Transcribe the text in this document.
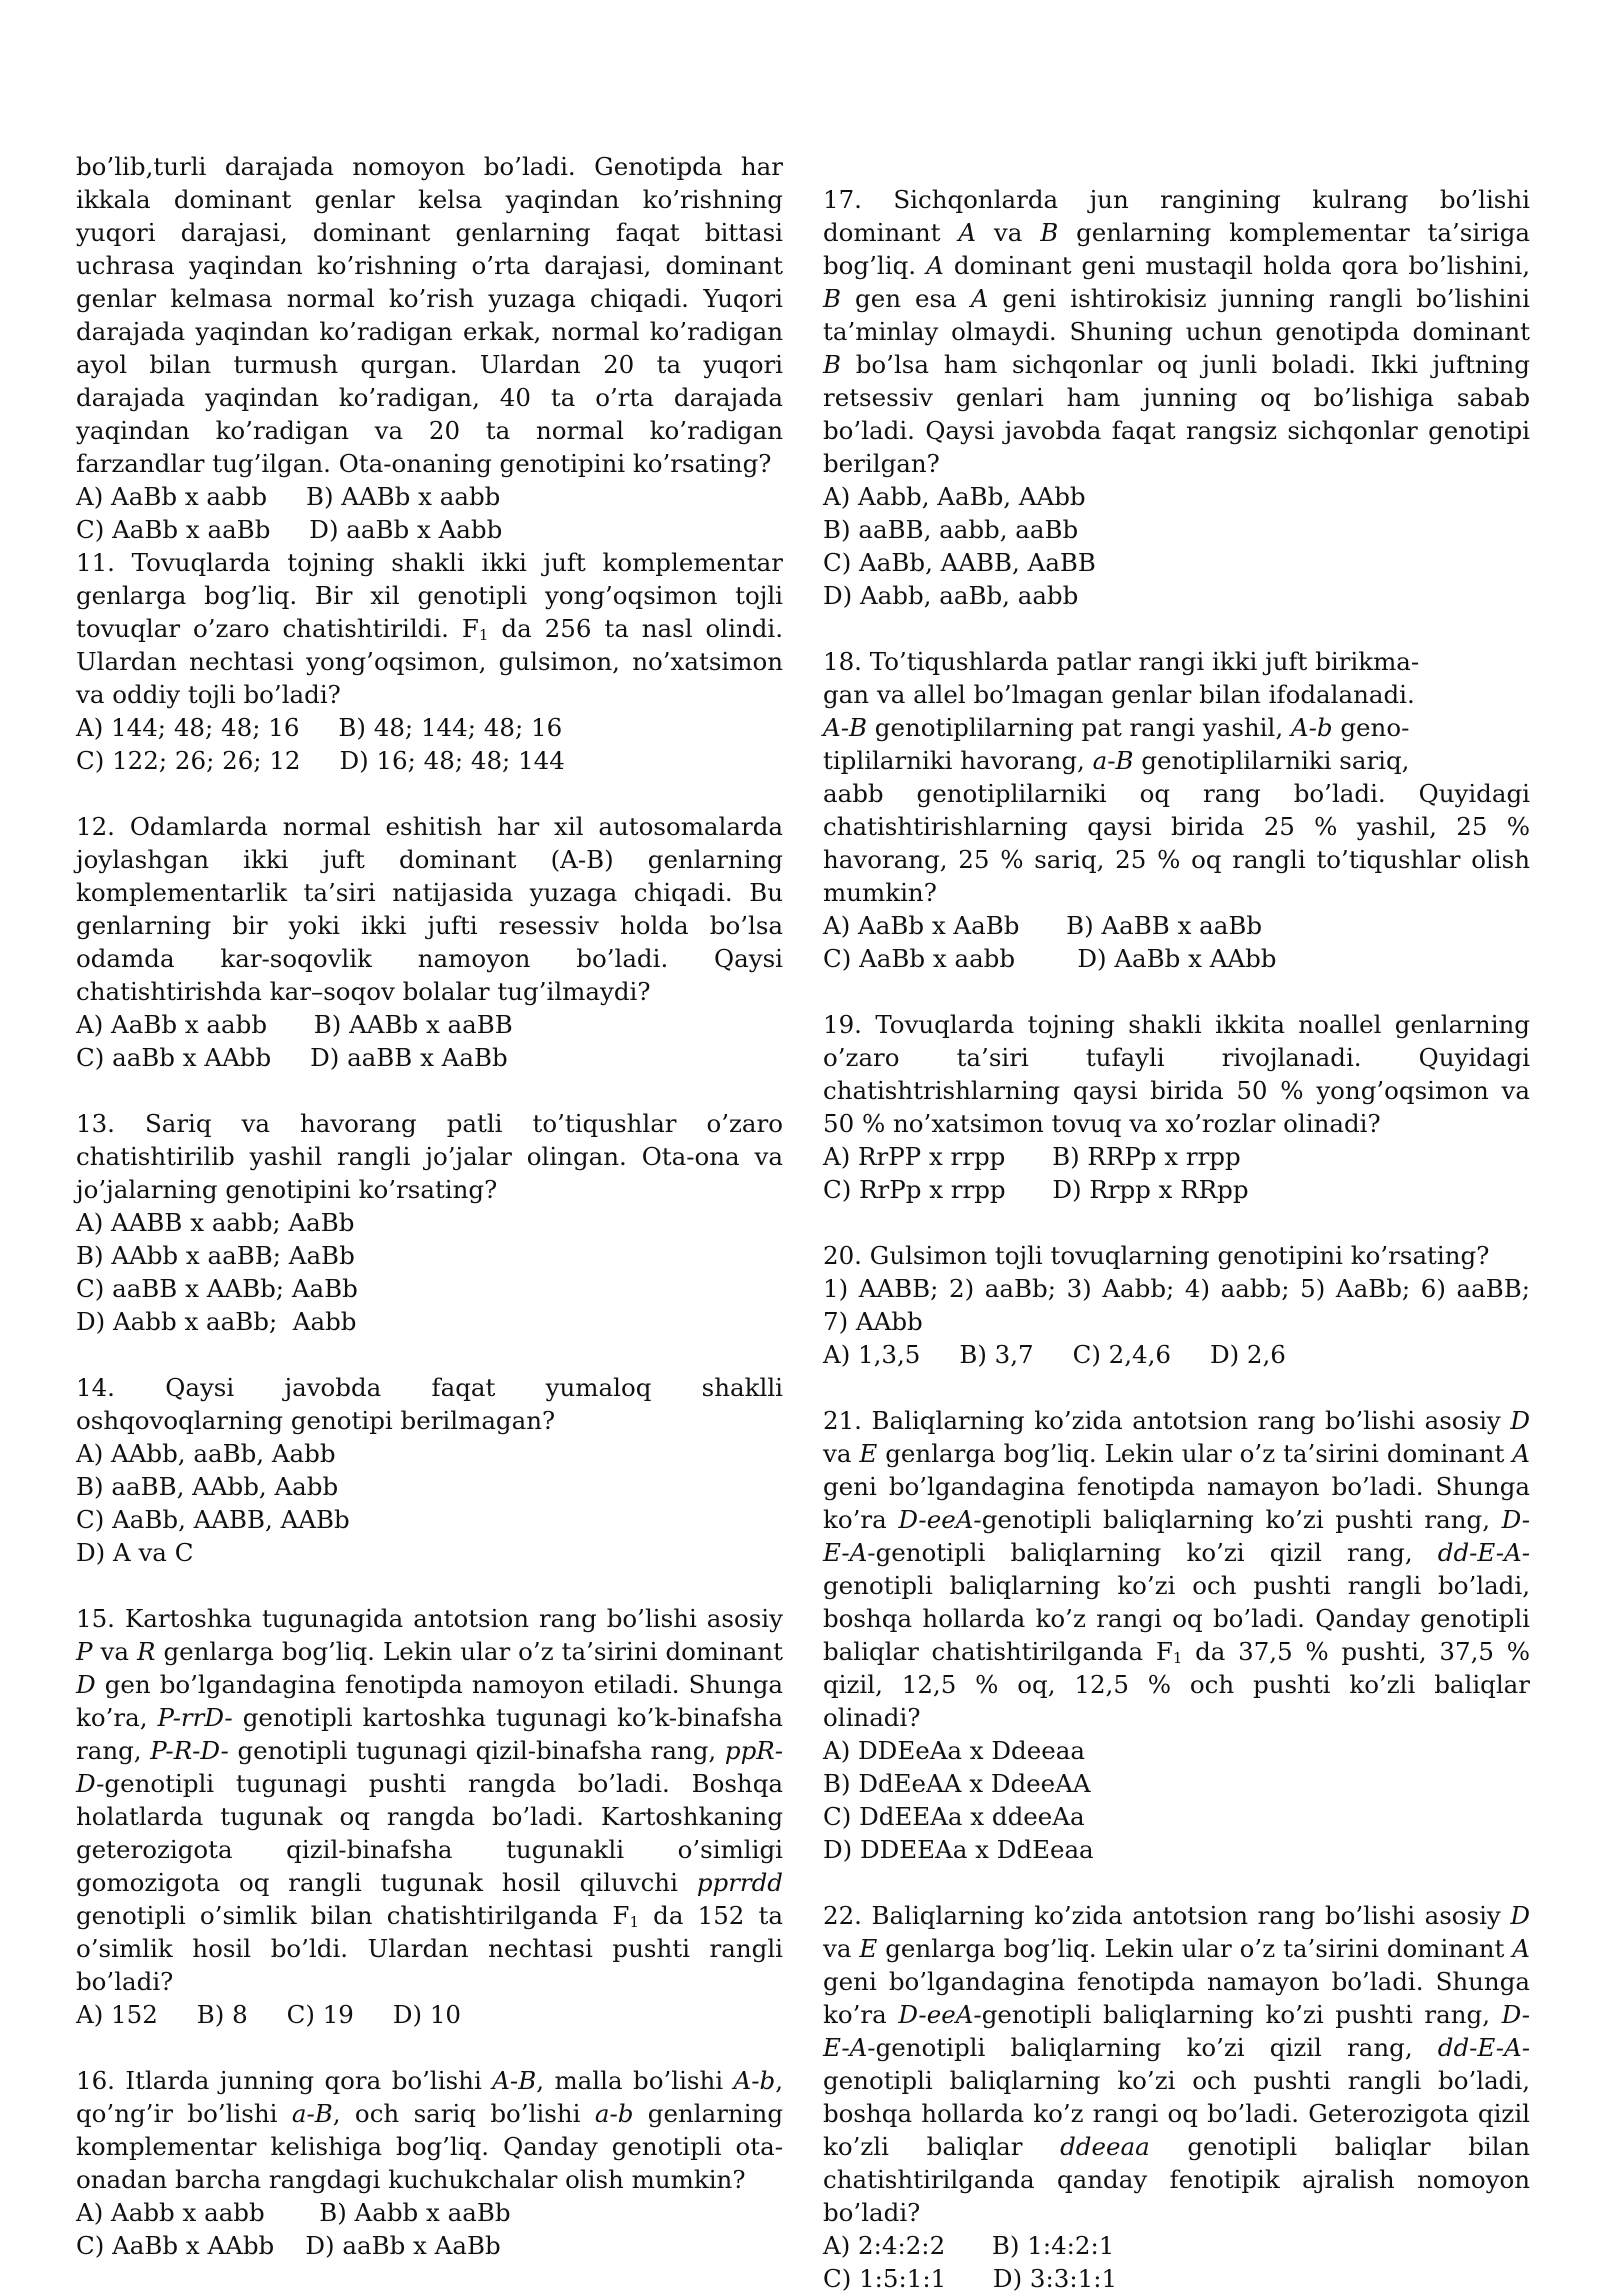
bo’lib,turli darajada nomoyon bo’ladi. Genotipda har ikkala dominant genlar kelsa yaqindan ko’rishning yuqori darajasi, dominant genlarning faqat bittasi uchrasa yaqindan ko’rishning o’rta darajasi, dominant genlar kelmasa normal ko’rish yuzaga chiqadi. Yuqori darajada yaqindan ko’radigan erkak, normal ko’radigan ayol bilan turmush qurgan. Ulardan 20 ta yuqori darajada yaqindan ko’radigan, 40 ta o’rta darajada yaqindan ko’radigan va 20 ta normal ko’radigan farzandlar tug’ilgan. Ota-onaning genotipini ko’rsating?
A) AaBb x aabb     B) AABb x aabb
C) AaBb x aaBb     D) aaBb x Aabb
11. Tovuqlarda tojning shakli ikki juft komplementar genlarga bog’liq. Bir xil genotipli yong’oqsimon tojli tovuqlar o’zaro chatishtirildi. $F_1$ da 256 ta nasl olindi. Ulardan nechtasi yong’oqsimon, gulsimon, no’xatsimon va oddiy tojli bo’ladi?
A) 144; 48; 48; 16     B) 48; 144; 48; 16
C) 122; 26; 26; 12     D) 16; 48; 48; 144
12. Odamlarda normal eshitish har xil autosomalarda joylashgan ikki juft dominant (A-B) genlarning komplementarlik ta’siri natijasida yuzaga chiqadi. Bu genlarning bir yoki ikki jufti resessiv holda bo’lsa odamda kar-soqovlik namoyon bo’ladi. Qaysi chatishtirishda kar–soqov bolalar tug’ilmaydi?
A) AaBb x aabb      B) AABb x aaBB
C) aaBb x AAbb     D) aaBB x AaBb
13. Sariq va havorang patli to’tiqushlar o’zaro chatishtirilib yashil rangli jo’jalar olingan. Ota-ona va jo’jalarning genotipini ko’rsating?
A) AABB x aabb; AaBb
B) AAbb x aaBB; AaBb
C) aaBB x AABb; AaBb
D) Aabb x aaBb;  Aabb
14. Qaysi javobda faqat yumaloq shaklli oshqovoqlarning genotipi berilmagan?
A) AAbb, aaBb, Aabb
B) aaBB, AAbb, Aabb
C) AaBb, AABB, AABb
D) A va C
15. Kartoshka tugunagida antotsion rang bo’lishi asosiy P va R genlarga bog’liq. Lekin ular o’z ta’sirini dominant D gen bo’lgandagina fenotipda namoyon etiladi. Shunga ko’ra, P-rrD- genotipli kartoshka tugunagi ko’k-binafsha rang, P-R-D- genotipli tugunagi qizil-binafsha rang, ppR-D-genotipli tugunagi pushti rangda bo’ladi. Boshqa holatlarda tugunak oq rangda bo’ladi. Kartoshkaning geterozigota qizil-binafsha tugunakli o’simligi gomozigota oq rangli tugunak hosil qiluvchi pprrdd genotipli o’simlik bilan chatishtirilganda $F_1$ da 152 ta o’simlik hosil bo’ldi. Ulardan nechtasi pushti rangli bo’ladi?
A) 152     B) 8     C) 19     D) 10
16. Itlarda junning qora bo’lishi A-B, malla bo’lishi A-b, qo’ng’ir bo’lishi a-B, och sariq bo’lishi a-b genlarning komplementar kelishiga bog’liq. Qanday genotipli ota-onadan barcha rangdagi kuchukchalar olish mumkin?
A) Aabb x aabb       B) Aabb x aaBb
C) AaBb x AAbb    D) aaBb x AaBb
17. Sichqonlarda jun rangining kulrang bo’lishi dominant A va B genlarning komplementar ta’siriga bog’liq. A dominant geni mustaqil holda qora bo’lishini, B gen esa A geni ishtirokisiz junning rangli bo’lishini ta’minlay olmaydi. Shuning uchun genotipda dominant B bo’lsa ham sichqonlar oq junli boladi. Ikki juftning retsessiv genlari ham junning oq bo’lishiga sabab bo’ladi. Qaysi javobda faqat rangsiz sichqonlar genotipi berilgan?
A) Aabb, AaBb, AAbb
B) aaBB, aabb, aaBb
C) AaBb, AABB, AaBB
D) Aabb, aaBb, aabb
18. To’tiqushlarda patlar rangi ikki juft birikma-
gan va allel bo’lmagan genlar bilan ifodalanadi.
A-B genotiplilarning pat rangi yashil, A-b geno-
tiplilarniki havorang, a-B genotiplilarniki sariq,
aabb genotiplilarniki oq rang bo’ladi. Quyidagi chatishtirishlarning qaysi birida 25 % yashil, 25 % havorang, 25 % sariq, 25 % oq rangli to’tiqushlar olish mumkin?
A) AaBb x AaBb      B) AaBB x aaBb
C) AaBb x aabb        D) AaBb x AAbb
19. Tovuqlarda tojning shakli ikkita noallel genlarning o’zaro ta’siri tufayli rivojlanadi. Quyidagi chatishtrishlarning qaysi birida 50 % yong’oqsimon va 50 % no’xatsimon tovuq va xo’rozlar olinadi?
A) RrPP x rrpp      B) RRPp x rrpp
C) RrPp x rrpp      D) Rrpp x RRpp
20. Gulsimon tojli tovuqlarning genotipini ko’rsating?
1) AABB; 2) aaBb; 3) Aabb; 4) aabb; 5) AaBb; 6) aaBB; 7) AAbb
A) 1,3,5     B) 3,7     C) 2,4,6     D) 2,6
21. Baliqlarning ko’zida antotsion rang bo’lishi asosiy D va E genlarga bog’liq. Lekin ular o’z ta’sirini dominant A geni bo’lgandagina fenotipda namayon bo’ladi. Shunga ko’ra D-eeA-genotipli baliqlarning ko’zi pushti rang, D-E-A-genotipli baliqlarning ko’zi qizil rang, dd-E-A-genotipli baliqlarning ko’zi och pushti rangli bo’ladi, boshqa hollarda ko’z rangi oq bo’ladi. Qanday genotipli baliqlar chatishtirilganda $F_1$ da 37,5 % pushti, 37,5 % qizil, 12,5 % oq, 12,5 % och pushti ko’zli baliqlar olinadi?
A) DDEeAa x Ddeeaa
B) DdEeAA x DdeeAA
C) DdEEAa x ddeeAa
D) DDEEAa x DdEeaa
22. Baliqlarning ko’zida antotsion rang bo’lishi asosiy D va E genlarga bog’liq. Lekin ular o’z ta’sirini dominant A geni bo’lgandagina fenotipda namayon bo’ladi. Shunga ko’ra D-eeA-genotipli baliqlarning ko’zi pushti rang, D-E-A-genotipli baliqlarning ko’zi qizil rang, dd-E-A-genotipli baliqlarning ko’zi och pushti rangli bo’ladi, boshqa hollarda ko’z rangi oq bo’ladi. Geterozigota qizil ko’zli baliqlar ddeeaa genotipli baliqlar bilan chatishtirilganda qanday fenotipik ajralish nomoyon bo’ladi?
A) 2:4:2:2      B) 1:4:2:1
C) 1:5:1:1      D) 3:3:1:1
